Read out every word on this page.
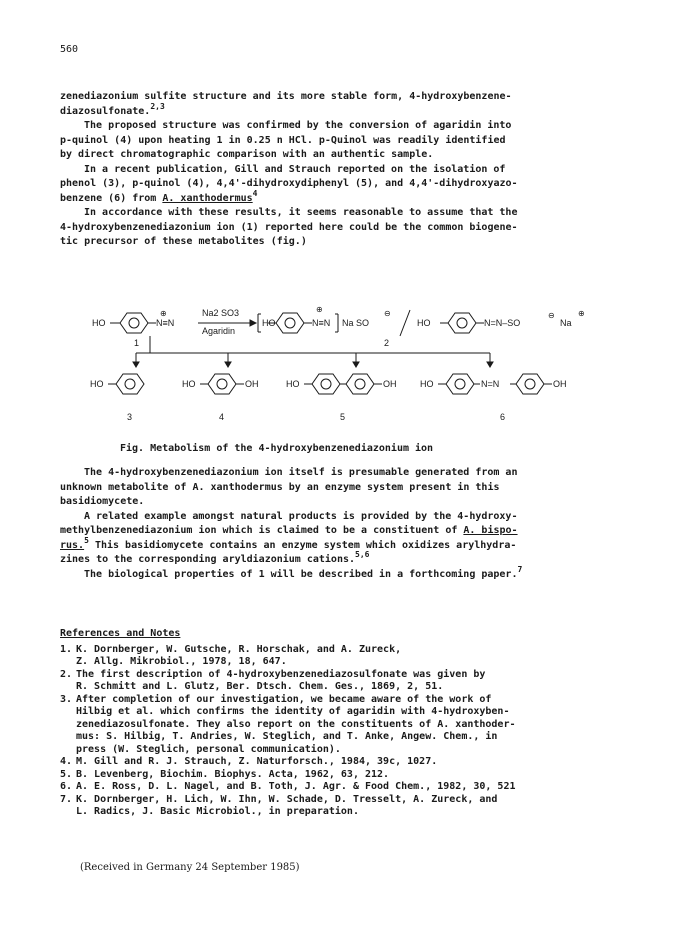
560

zenediazonium sulfite structure and its more stable form, 4-hydroxybenzene-

diazosulfonate.$^{2,3}$

The proposed structure was confirmed by the conversion of agaridin into

p-quinol (4) upon heating 1 in 0.25 n HCl. p-Quinol was readily identified

by direct chromatographic comparison with an authentic sample.

In a recent publication, Gill and Strauch reported on the isolation of

phenol (3), p-quinol (4), 4,4'-dihydroxydiphenyl (5), and 4,4'-dihydroxyazo-

benzene (6) from A. xanthodermus$^4$

In accordance with these results, it seems reasonable to assume that the

4-hydroxybenzenediazonium ion (1) reported here could be the common biogene-

tic precursor of these metabolites (fig.)

HO	N≡N
⊕	Na2 SO3
Agaridin
HO	N≡N
⊕
Na SO
⊖
HO	N=N–SO
⊖
Na
⊕
1	2
HO	HO	OH	HO	OH	HO	N=N	OH
3	4	5	6
Fig. Metabolism of the 4-hydroxybenzenediazonium ion

The 4-hydroxybenzenediazonium ion itself is presumable generated from an

unknown metabolite of A. xanthodermus by an enzyme system present in this

basidiomycete.

A related example amongst natural products is provided by the 4-hydroxy-

methylbenzenediazonium ion which is claimed to be a constituent of A. bispo-

rus.$^5$ This basidiomycete contains an enzyme system which oxidizes arylhydra-

zines to the corresponding aryldiazonium cations.$^{5,6}$

The biological properties of 1 will be described in a forthcoming paper.$^7$

References and Notes
1. K. Dornberger, W. Gutsche, R. Horschak, and A. Zureck,
Z. Allg. Mikrobiol., 1978, 18, 647.
2. The first description of 4-hydroxybenzenediazosulfonate was given by
R. Schmitt and L. Glutz, Ber. Dtsch. Chem. Ges., 1869, 2, 51.
3. After completion of our investigation, we became aware of the work of
Hilbig et al. which confirms the identity of agaridin with 4-hydroxyben-
zenediazosulfonate. They also report on the constituents of A. xanthoder-
mus: S. Hilbig, T. Andries, W. Steglich, and T. Anke, Angew. Chem., in
press (W. Steglich, personal communication).
4. M. Gill and R. J. Strauch, Z. Naturforsch., 1984, 39c, 1027.
5. B. Levenberg, Biochim. Biophys. Acta, 1962, 63, 212.
6. A. E. Ross, D. L. Nagel, and B. Toth, J. Agr. & Food Chem., 1982, 30, 521
7. K. Dornberger, H. Lich, W. Ihn, W. Schade, D. Tresselt, A. Zureck, and
L. Radics, J. Basic Microbiol., in preparation.
(Received in Germany 24 September 1985)
